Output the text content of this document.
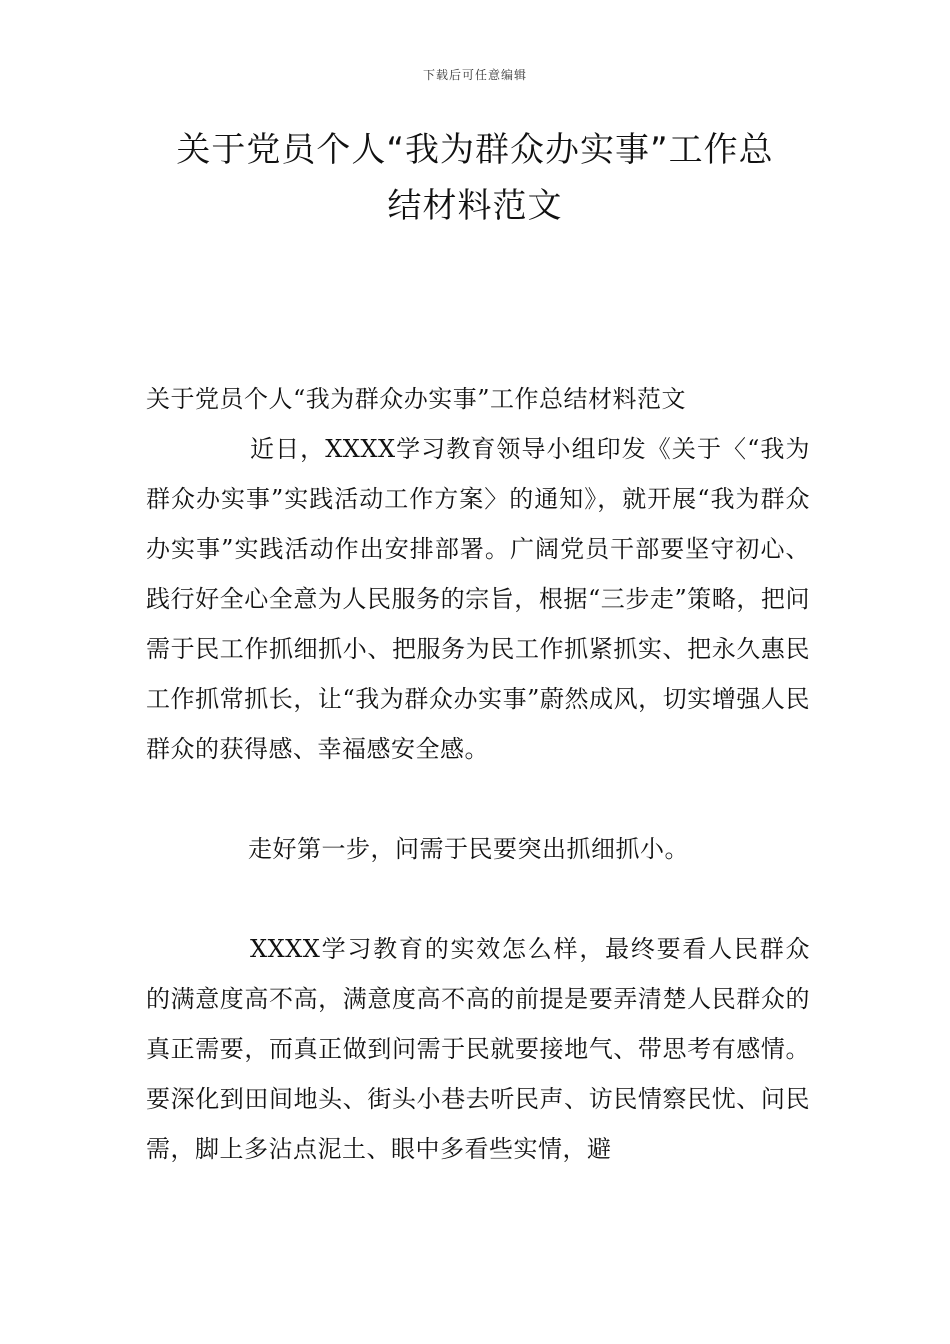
下载后可任意编辑
关于党员个人“我为群众办实事”工作总
结材料范文

关于党员个人“我为群众办实事”工作总结材料范文

近日，XXXX学习教育领导小组印发《关于〈“我为群众办实事”实践活动工作方案〉的通知》，就开展“我为群众办实事”实践活动作出安排部署。广阔党员干部要坚守初心、践行好全心全意为人民服务的宗旨，根据“三步走”策略，把问需于民工作抓细抓小、把服务为民工作抓紧抓实、把永久惠民工作抓常抓长，让“我为群众办实事”蔚然成风，切实增强人民群众的获得感、幸福感安全感。

走好第一步，问需于民要突出抓细抓小。

XXXX学习教育的实效怎么样，最终要看人民群众的满意度高不高，满意度高不高的前提是要弄清楚人民群众的真正需要，而真正做到问需于民就要接地气、带思考有感情。要深化到田间地头、街头小巷去听民声、访民情察民忧、问民需，脚上多沾点泥土、眼中多看些实情，避
